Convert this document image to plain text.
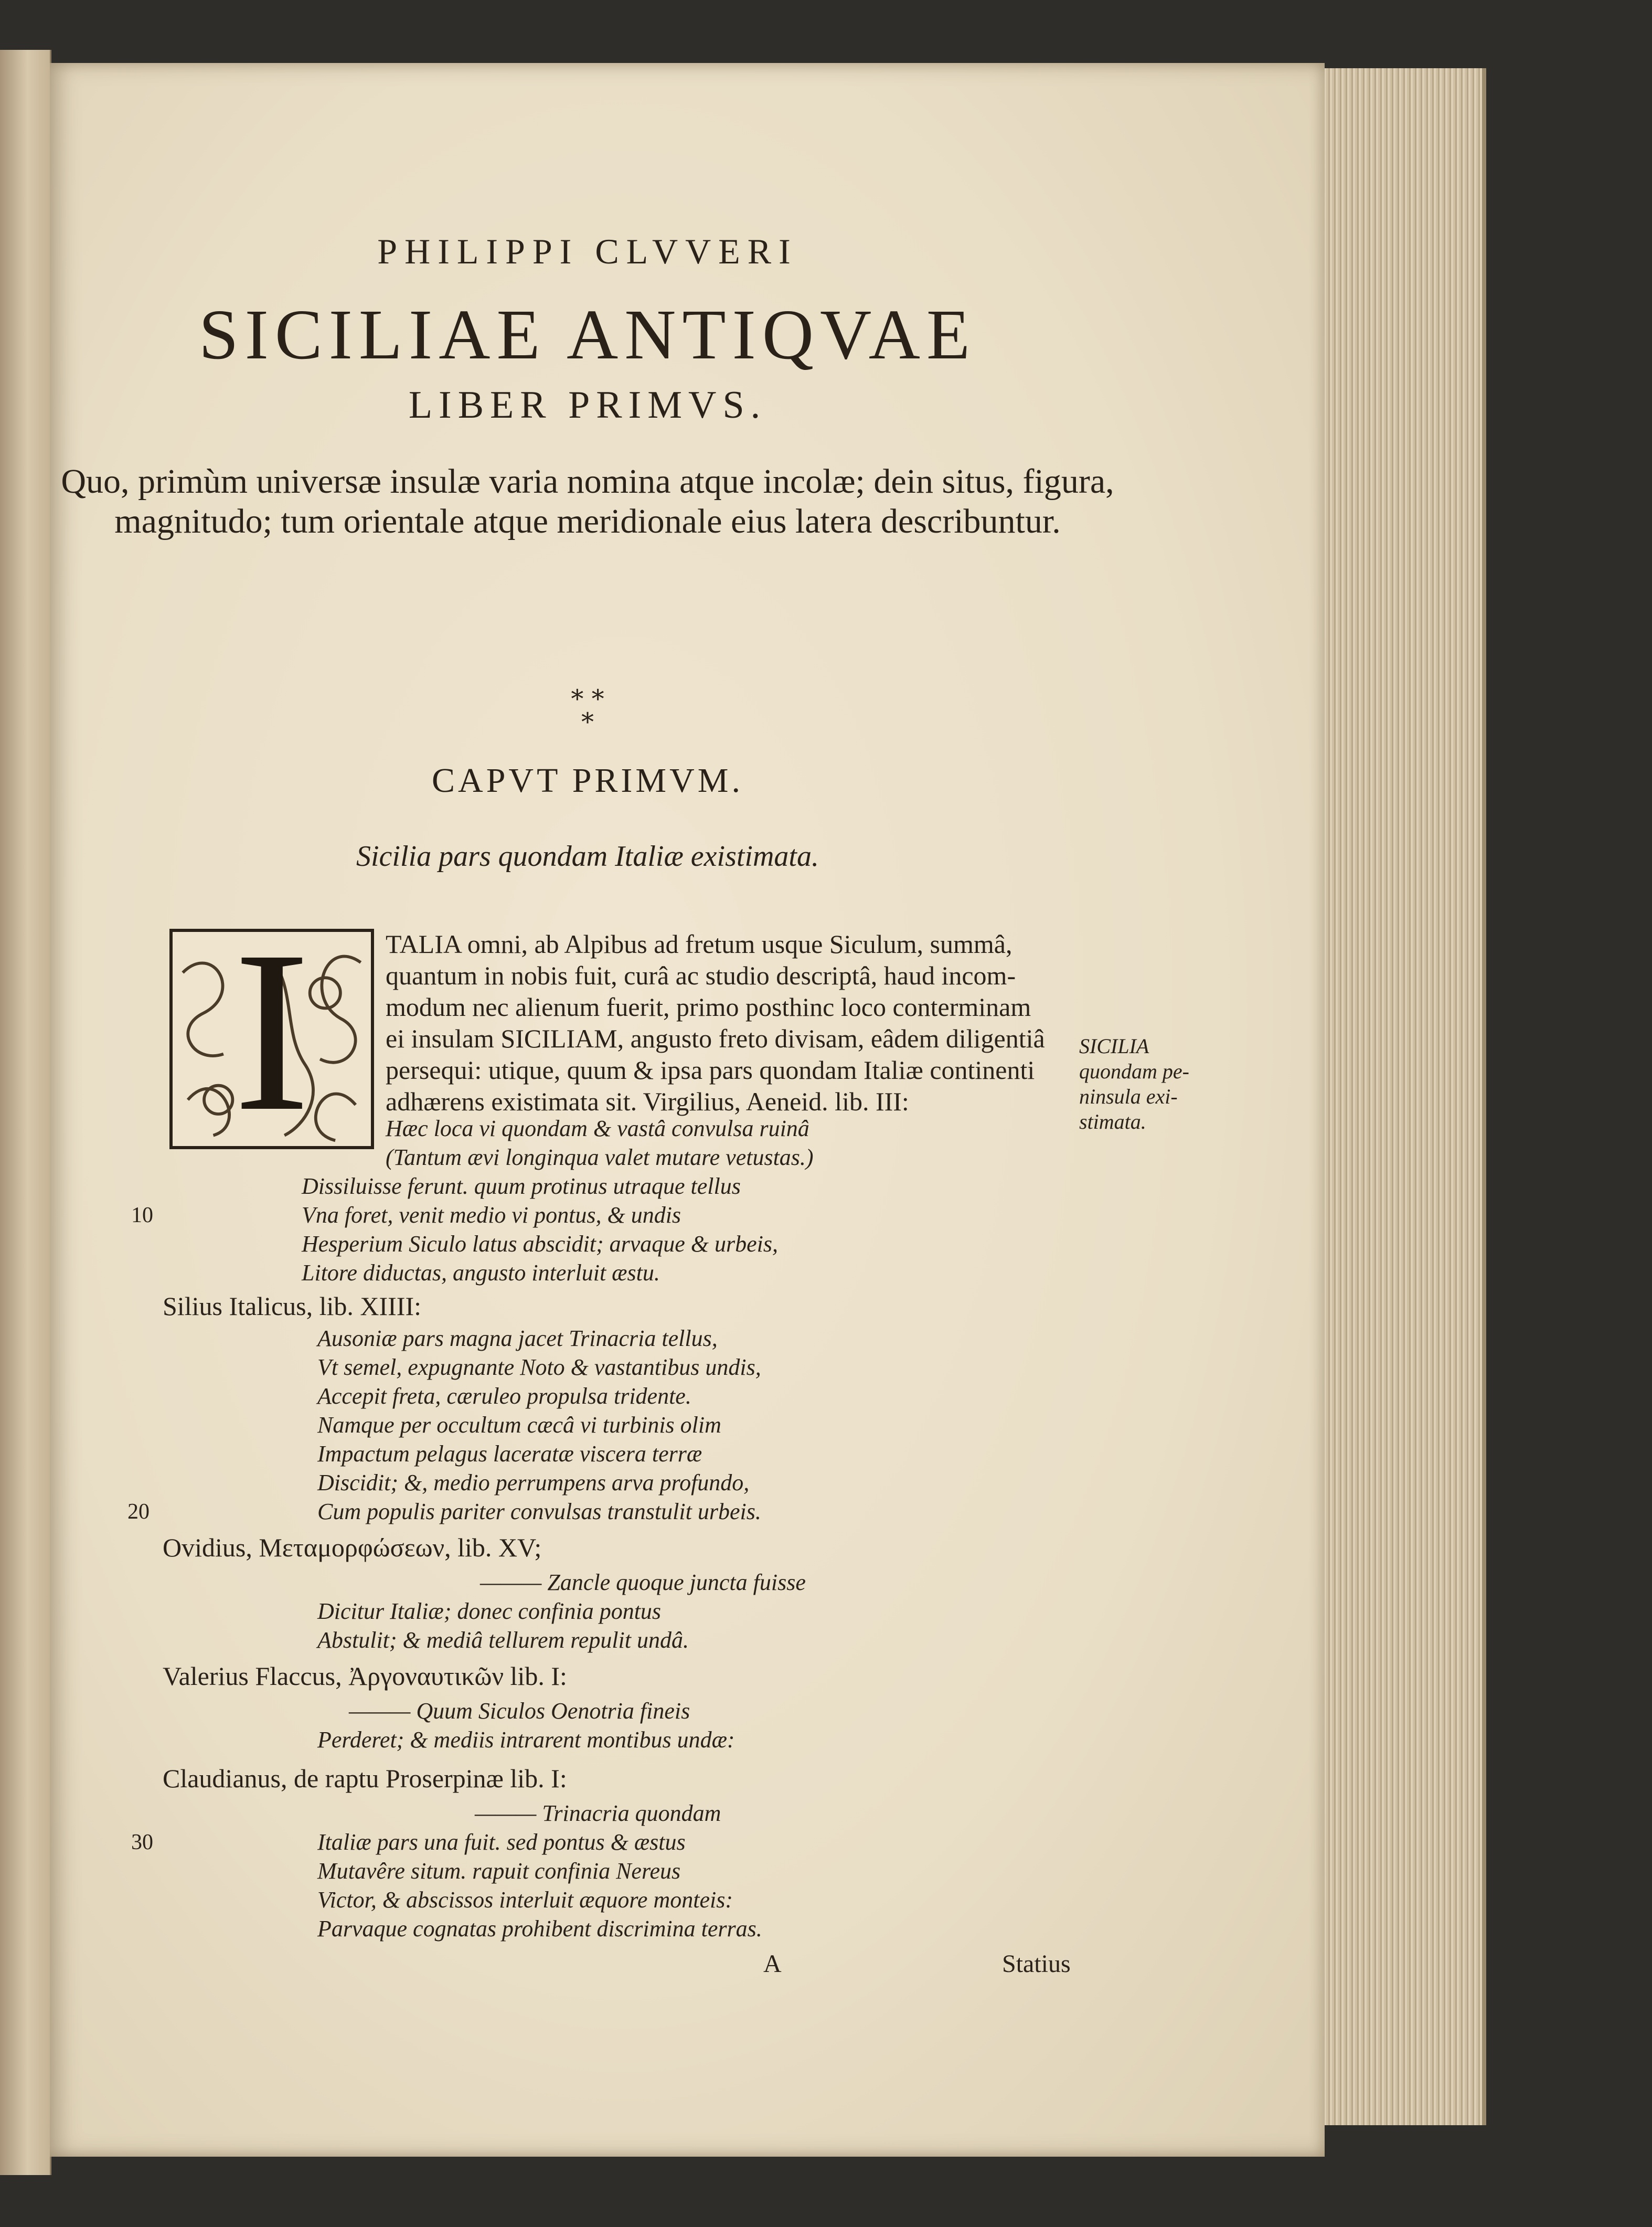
PHILIPPI CLVVERI

SICILIAE ANTIQVAE

LIBER PRIMVS.

Quo, primùm universæ insulæ varia nomina atque incolæ; dein situs, figura, magnitudo; tum orientale atque meridionale eius latera describuntur.

* *
*

CAPVT PRIMVM.

Sicilia pars quondam Italiæ existimata.

I	TALIA omni, ab Alpibus ad fretum usque Siculum, summâ,

quantum in nobis fuit, curâ ac studio descriptâ, haud incom-

modum nec alienum fuerit, primo posthinc loco conterminam

ei insulam SICILIAM, angusto freto divisam, eâdem diligentiâ

persequi: utique, quum & ipsa pars quondam Italiæ continenti

adhærens existimata sit. Virgilius, Aeneid. lib. III:

SICILIA
quondam pe-
ninsula exi-
stimata.

Hæc loca vi quondam & vastâ convulsa ruinâ

(Tantum ævi longinqua valet mutare vetustas.)

Dissiluisse ferunt. quum protinus utraque tellus

Vna foret, venit medio vi pontus, & undis

Hesperium Siculo latus abscidit; arvaque & urbeis,

Litore diductas, angusto interluit æstu.

10

Silius Italicus, lib. XIIII:

Ausoniæ pars magna jacet Trinacria tellus,

Vt semel, expugnante Noto & vastantibus undis,

Accepit freta, cæruleo propulsa tridente.

Namque per occultum cæcâ vi turbinis olim

Impactum pelagus laceratæ viscera terræ

Discidit; &, medio perrumpens arva profundo,

Cum populis pariter convulsas transtulit urbeis.

20

Ovidius, Μεταμορφώσεων, lib. XV;

——— Zancle quoque juncta fuisse

Dicitur Italiæ; donec confinia pontus

Abstulit; & mediâ tellurem repulit undâ.

Valerius Flaccus, Ἀργοναυτικῶν lib. I:

——— Quum Siculos Oenotria fineis

Perderet; & mediis intrarent montibus undæ:

Claudianus, de raptu Proserpinæ lib. I:

——— Trinacria quondam

Italiæ pars una fuit. sed pontus & æstus

Mutavêre situm. rapuit confinia Nereus

Victor, & abscissos interluit æquore monteis:

Parvaque cognatas prohibent discrimina terras.

30

A	Statius
